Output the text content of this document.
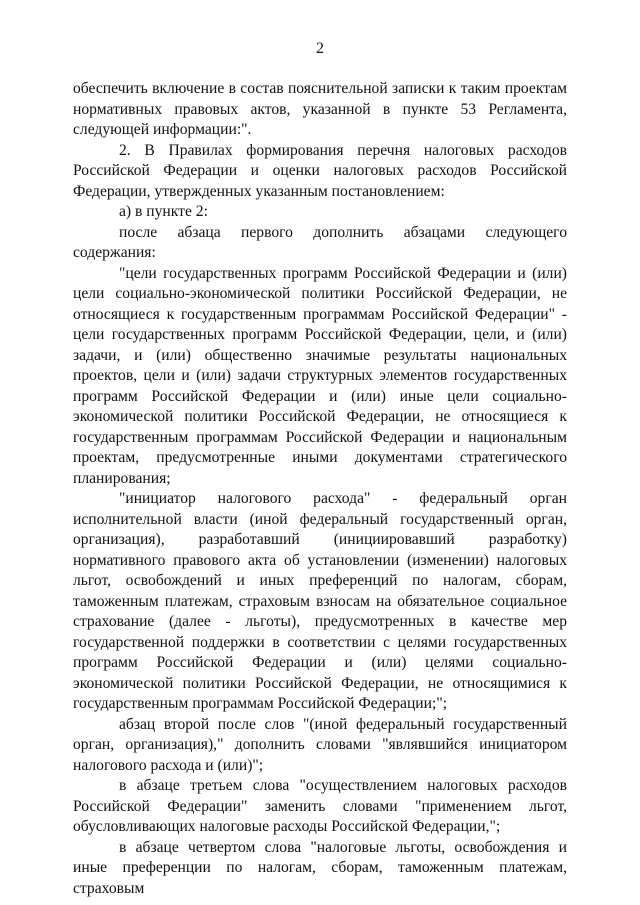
2

обеспечить включение в состав пояснительной записки к таким проектам нормативных правовых актов, указанной в пункте 53 Регламента, следующей информации:".

2. В Правилах формирования перечня налоговых расходов Российской Федерации и оценки налоговых расходов Российской Федерации, утвержденных указанным постановлением:

а) в пункте 2:

после абзаца первого дополнить абзацами следующего содержания:

"цели государственных программ Российской Федерации и (или) цели социально-экономической политики Российской Федерации, не относящиеся к государственным программам Российской Федерации" - цели государственных программ Российской Федерации, цели, и (или) задачи, и (или) общественно значимые результаты национальных проектов, цели и (или) задачи структурных элементов государственных программ Российской Федерации и (или) иные цели социально-экономической политики Российской Федерации, не относящиеся к государственным программам Российской Федерации и национальным проектам, предусмотренные иными документами стратегического планирования;

"инициатор налогового расхода" - федеральный орган исполнительной власти (иной федеральный государственный орган, организация), разработавший (инициировавший разработку) нормативного правового акта об установлении (изменении) налоговых льгот, освобождений и иных преференций по налогам, сборам, таможенным платежам, страховым взносам на обязательное социальное страхование (далее - льготы), предусмотренных в качестве мер государственной поддержки в соответствии с целями государственных программ Российской Федерации и (или) целями социально-экономической политики Российской Федерации, не относящимися к государственным программам Российской Федерации;";

абзац второй после слов "(иной федеральный государственный орган, организация)," дополнить словами "являвшийся инициатором налогового расхода и (или)";

в абзаце третьем слова "осуществлением налоговых расходов Российской Федерации" заменить словами "применением льгот, обусловливающих налоговые расходы Российской Федерации,";

в абзаце четвертом слова "налоговые льготы, освобождения и иные преференции по налогам, сборам, таможенным платежам, страховым
